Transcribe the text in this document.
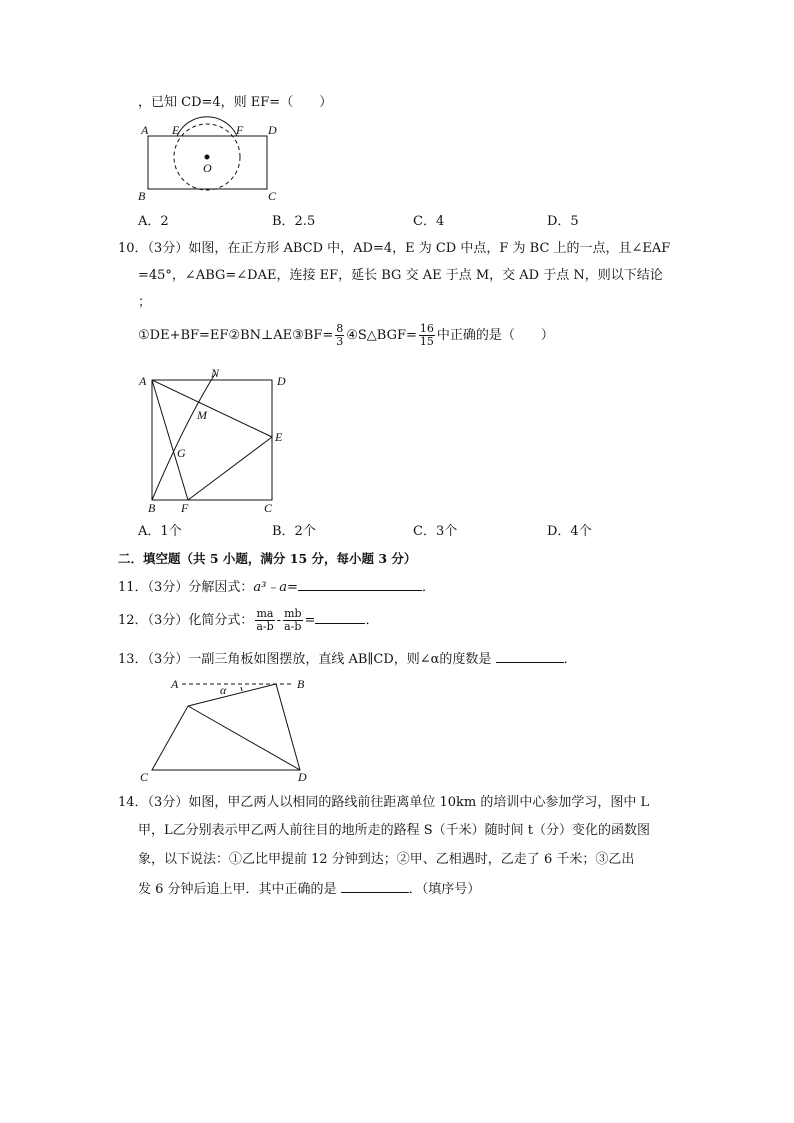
，已知 CD=4，则 EF=（　　）
A E	F D
O
B	C
A．2	B．2.5	C．4	D．5
10．（3分）如图，在正方形 ABCD 中，AD=4，E 为 CD 中点，F 为 BC 上的一点，且∠EAF
=45°，∠ABG=∠DAE，连接 EF，延长 BG 交 AE 于点 M，交 AD 于点 N，则以下结论
；
①DE+BF=EF②BN⊥AE③BF= $\frac{8}{3}$ ④S△BGF= $\frac{16}{15}$ 中正确的是（　　）
A
N
D
M
E
G
B F	C
A．1个	B．2个	C．3个	D．4个
二．填空题（共 5 小题，满分 15 分，每小题 3 分）
11．（3分）分解因式：a³﹣a=	．
12．（3分）化简分式： $\frac{ma}{a-b} - \frac{mb}{a-b}$ =	．
13．（3分）一副三角板如图摆放，直线 AB∥CD，则∠α的度数是	．
A	B
α
C	D
14．（3分）如图，甲乙两人以相同的路线前往距离单位 10km 的培训中心参加学习，图中 L
甲，L乙分别表示甲乙两人前往目的地所走的路程 S（千米）随时间 t（分）变化的函数图
象，以下说法：①乙比甲提前 12 分钟到达；②甲、乙相遇时，乙走了 6 千米；③乙出
发 6 分钟后追上甲．其中正确的是	．（填序号）
